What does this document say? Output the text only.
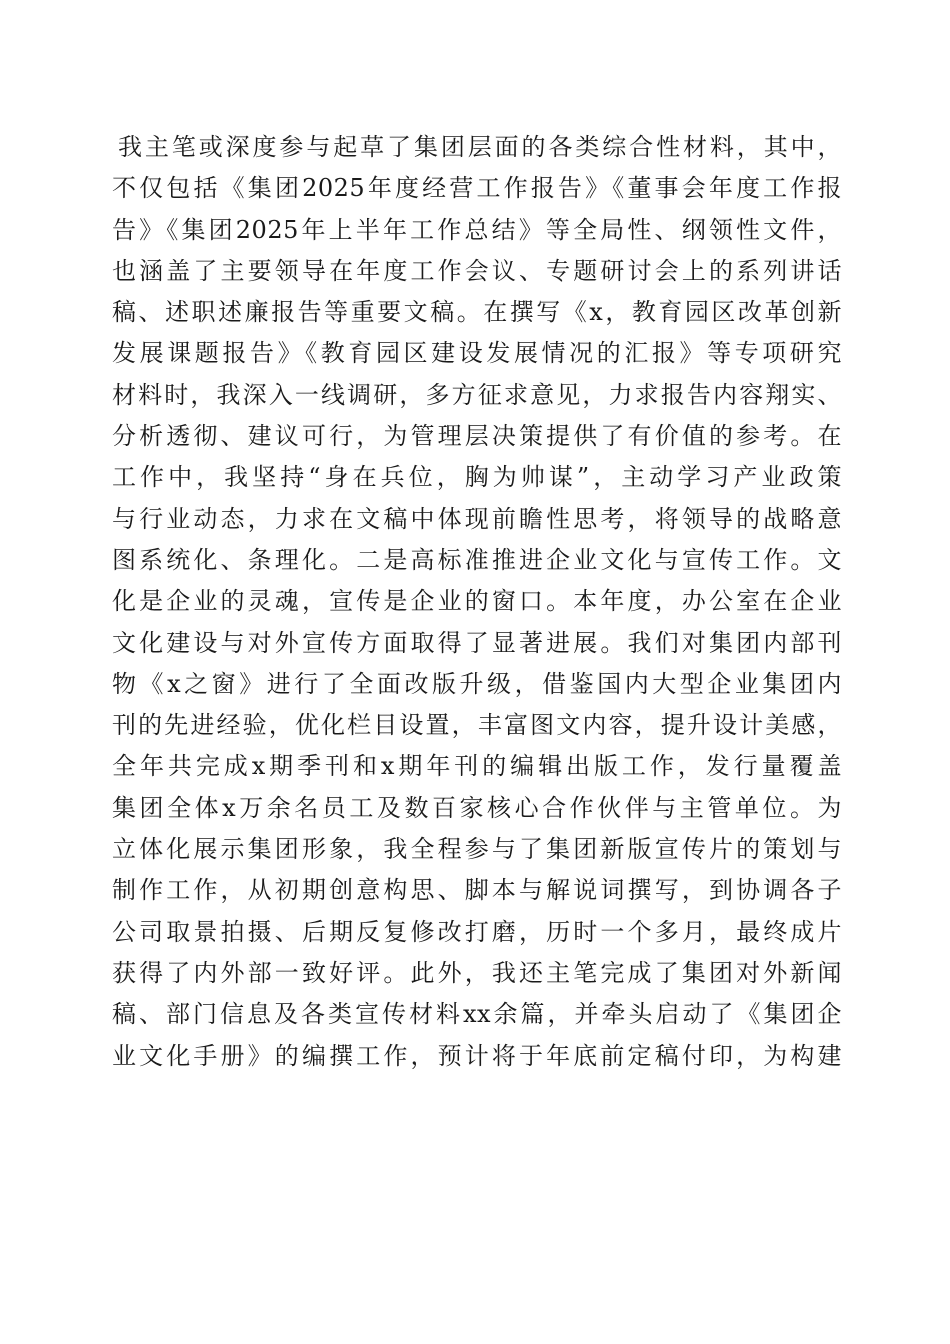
我主笔或深度参与起草了集团层面的各类综合性材料，其中，
不仅包括《集团2025年度经营工作报告》《董事会年度工作报
告》《集团2025年上半年工作总结》等全局性、纲领性文件，
也涵盖了主要领导在年度工作会议、专题研讨会上的系列讲话
稿、述职述廉报告等重要文稿。在撰写《x，教育园区改革创新
发展课题报告》《教育园区建设发展情况的汇报》等专项研究
材料时，我深入一线调研，多方征求意见，力求报告内容翔实、
分析透彻、建议可行，为管理层决策提供了有价值的参考。在
工作中，我坚持“身在兵位，胸为帅谋”，主动学习产业政策
与行业动态，力求在文稿中体现前瞻性思考，将领导的战略意
图系统化、条理化。二是高标准推进企业文化与宣传工作。文
化是企业的灵魂，宣传是企业的窗口。本年度，办公室在企业
文化建设与对外宣传方面取得了显著进展。我们对集团内部刊
物《x之窗》进行了全面改版升级，借鉴国内大型企业集团内
刊的先进经验，优化栏目设置，丰富图文内容，提升设计美感，
全年共完成x期季刊和x期年刊的编辑出版工作，发行量覆盖
集团全体x万余名员工及数百家核心合作伙伴与主管单位。为
立体化展示集团形象，我全程参与了集团新版宣传片的策划与
制作工作，从初期创意构思、脚本与解说词撰写，到协调各子
公司取景拍摄、后期反复修改打磨，历时一个多月，最终成片
获得了内外部一致好评。此外，我还主笔完成了集团对外新闻
稿、部门信息及各类宣传材料xx余篇，并牵头启动了《集团企
业文化手册》的编撰工作，预计将于年底前定稿付印，为构建
